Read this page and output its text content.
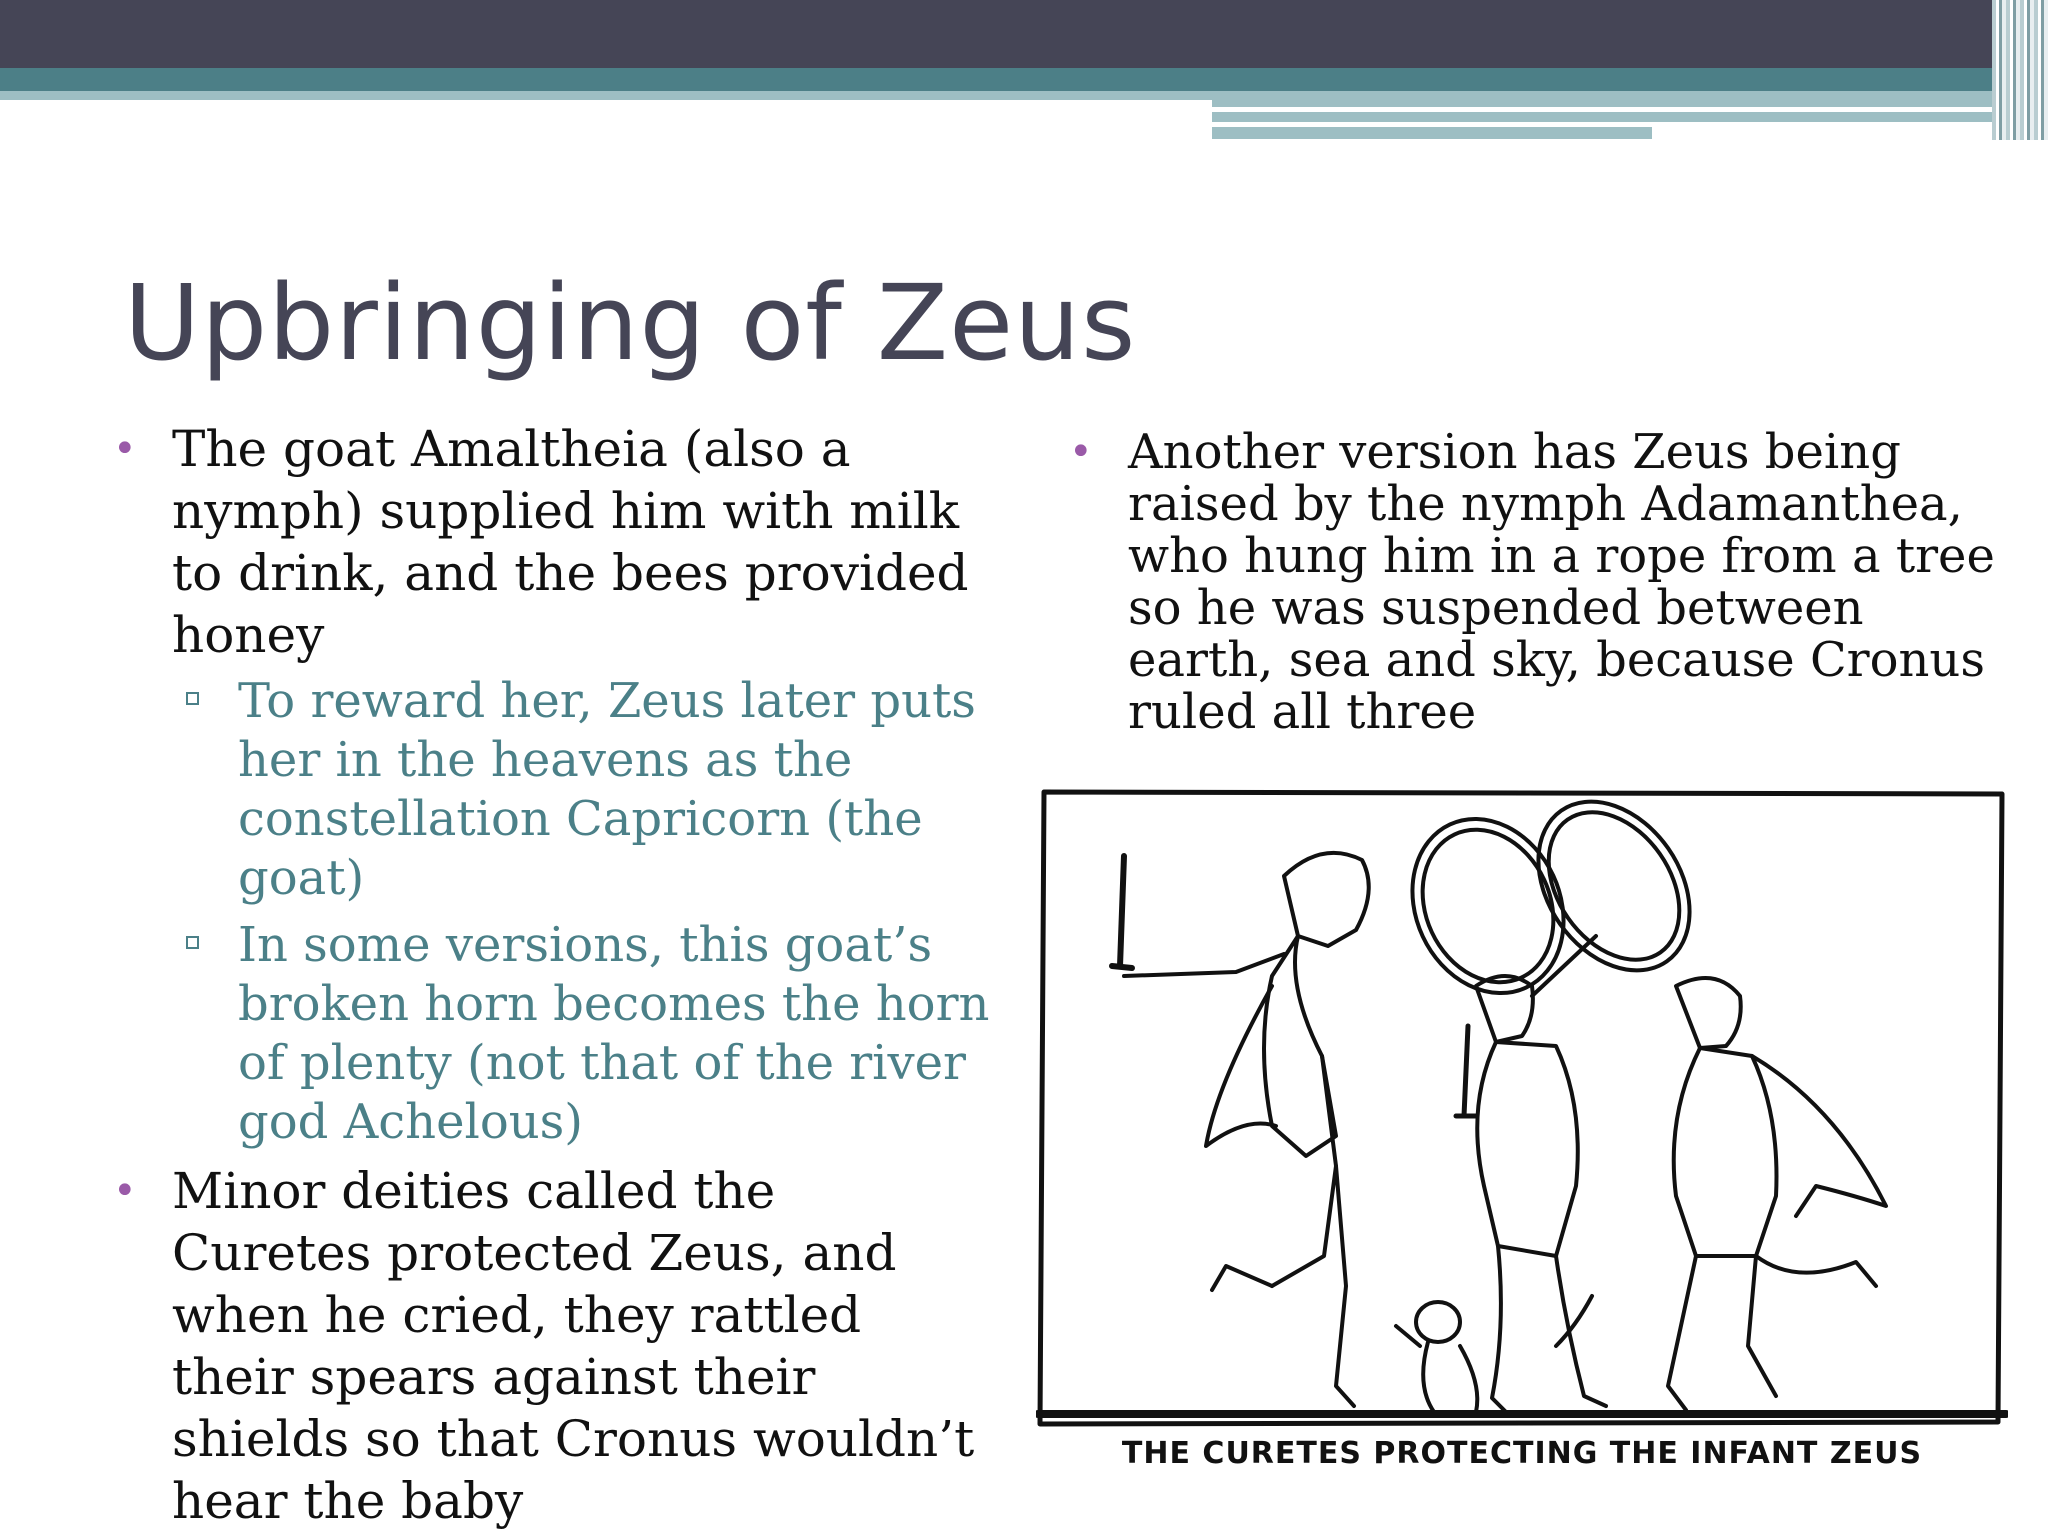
Upbringing of Zeus
• The goat Amaltheia (also a nymph) supplied him with milk to drink, and the bees provided honey
To reward her, Zeus later puts her in the heavens as the constellation Capricorn (the goat)
In some versions, this goat’s broken horn becomes the horn of plenty (not that of the river god Achelous)
• Minor deities called the Curetes protected Zeus, and when he cried, they rattled their spears against their shields so that Cronus wouldn’t hear the baby
• Another version has Zeus being raised by the nymph Adamanthea, who hung him in a rope from a tree so he was suspended between earth, sea and sky, because Cronus ruled all three
THE CURETES PROTECTING THE INFANT ZEUS
